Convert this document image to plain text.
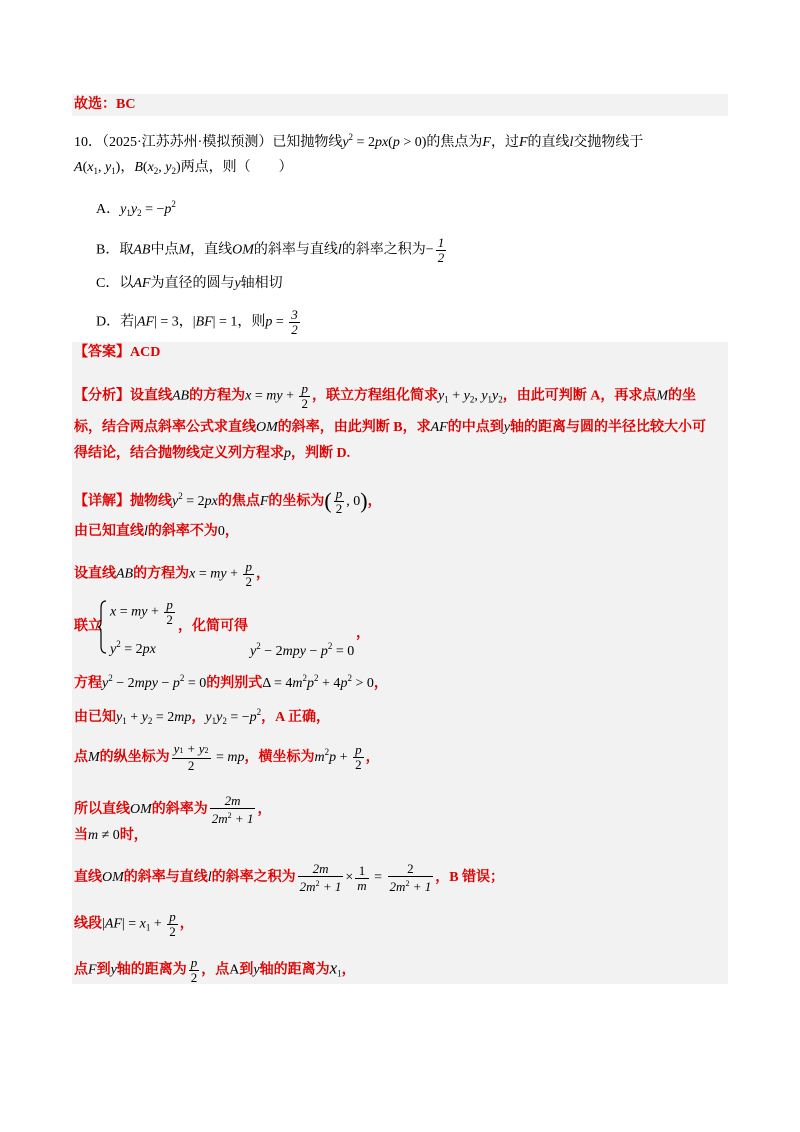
故选：BC
10．（2025·江苏苏州·模拟预测）已知抛物线$y^2 = 2px(p > 0)$的焦点为F，过F的直线l交抛物线于
$A(x_1$, $y_1$)，$B(x_2$, $y_2$)两点，则（　　）
A．$y_1y_2 = -p^2$
B．取AB中点M，直线OM的斜率与直线l的斜率之积为− $\frac{1}{2}$
C．以AF为直径的圆与y轴相切
D．若|AF| = 3，|BF| = 1，则$p = \frac{3}{2}$
【答案】ACD
【分析】设直线AB的方程为x = my + $\frac{p}{2}$ ，联立方程组化简求$y_1 + y_2$, $y_1y_2$，由此可判断 A，再求点M的坐
标，结合两点斜率公式求直线OM的斜率，由此判断 B，求AF的中点到y轴的距离与圆的半径比较大小可
得结论，结合抛物线定义列方程求p，判断 D.
【详解】抛物线$y^2 = 2px$的焦点F的坐标为( $\frac{p}{2}$ , 0)，
由已知直线l的斜率不为0，
设直线AB的方程为x = my + $\frac{p}{2}$ ，
联立
x = my + $\frac{p}{2}$
$y^2 = 2px$
，化简可得
$y^2 - 2mpy - p^2 = 0$
，
方程$y^2 - 2mpy - p^2 = 0$的判别式$\Delta = 4m^2p^2 + 4p^2 > 0$，
由已知$y_1 + y_2 = 2mp$，$y_1y_2 = -p^2$，A 正确，
点M的纵坐标为 $\frac{y1 + y2}{2}$ = mp，横坐标为$m^2p + \frac{p}{2}$ ，
所以直线OM的斜率为 $\frac{2m}{2m^2 + 1}$ ，
当m ≠ 0时，
直线OM的斜率与直线l的斜率之积为 $\frac{2m}{2m^2 + 1} \times \frac{1}{m} = \frac{2}{2m^2 + 1}$ ，B 错误；
线段$|AF| = x_1 + \frac{p}{2}$ ，
点F到y轴的距离为 $\frac{p}{2}$ ，点A到y轴的距离为$x_1$，
